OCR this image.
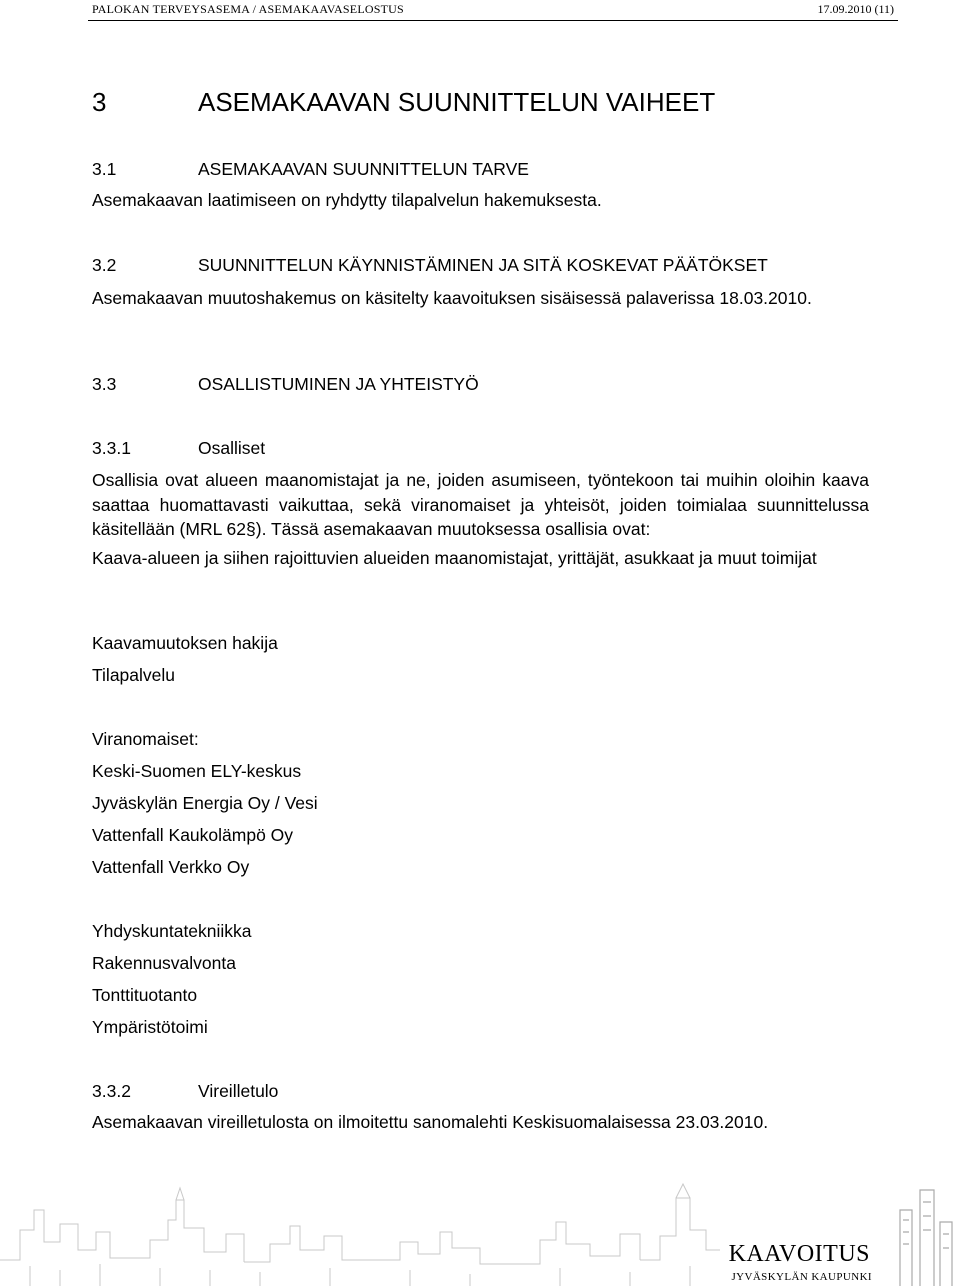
PALOKAN TERVEYSASEMA / ASEMAKAAVASELOSTUS	17.09.2010 (11)
3	ASEMAKAAVAN SUUNNITTELUN VAIHEET
3.1	ASEMAKAAVAN SUUNNITTELUN TARVE
Asemakaavan laatimiseen on ryhdytty tilapalvelun hakemuksesta.
3.2	SUUNNITTELUN KÄYNNISTÄMINEN JA SITÄ KOSKEVAT PÄÄTÖKSET
Asemakaavan muutoshakemus on käsitelty kaavoituksen sisäisessä palaverissa 18.03.2010.
3.3	OSALLISTUMINEN JA YHTEISTYÖ
3.3.1	Osalliset
Osallisia ovat alueen maanomistajat ja ne, joiden asumiseen, työntekoon tai muihin oloihin kaava saattaa huomattavasti vaikuttaa, sekä viranomaiset ja yhteisöt, joiden toimialaa suunnittelussa käsitellään (MRL 62§). Tässä asemakaavan muutoksessa osallisia ovat:
Kaava-alueen ja siihen rajoittuvien alueiden maanomistajat, yrittäjät, asukkaat ja muut toimijat
Kaavamuutoksen hakija
Tilapalvelu
Viranomaiset:
Keski-Suomen ELY-keskus
Jyväskylän Energia Oy / Vesi
Vattenfall Kaukolämpö Oy
Vattenfall Verkko Oy
Yhdyskuntatekniikka
Rakennusvalvonta
Tonttituotanto
Ympäristötoimi
3.3.2	Vireilletulo
Asemakaavan vireilletulosta on ilmoitettu sanomalehti Keskisuomalaisessa 23.03.2010.
KAAVOITUS
JYVÄSKYLÄN KAUPUNKI
